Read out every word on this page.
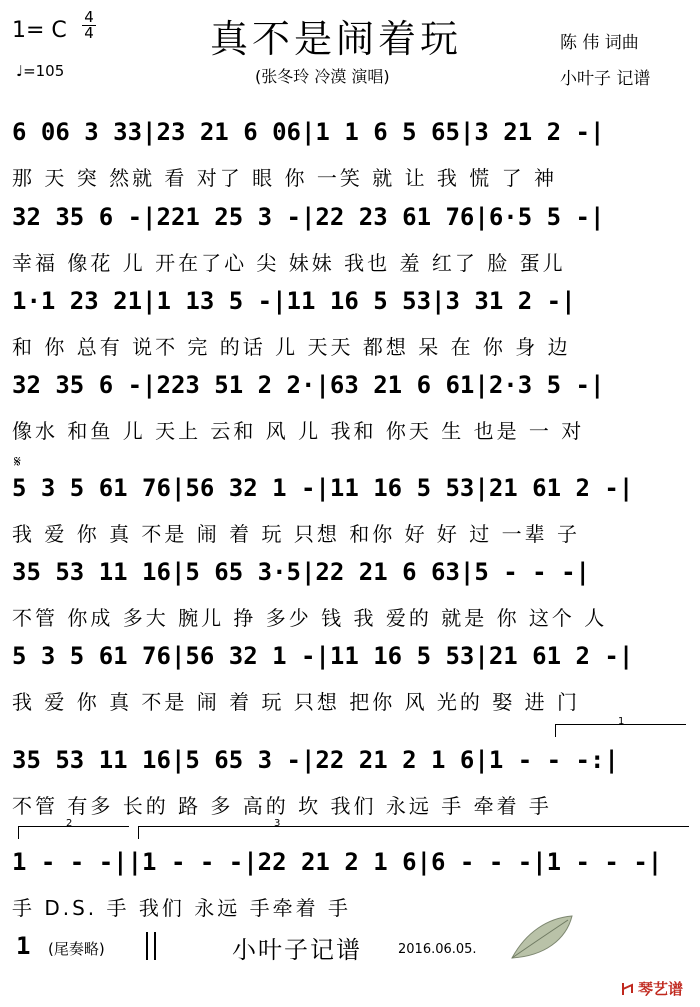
1= C
4
4
♩=105
真不是闹着玩
(张冬玲 冷漠 演唱)
陈 伟 词曲
小叶子 记谱
6 06 3 33|23 21 6 06|1 1 6 5 65|3 21 2 -|
那 天 突 然就 看 对了 眼 你 一笑 就 让 我 慌 了 神
32 35 6 -|221 25 3 -|22 23 61 76|6·5 5 -|
幸福 像花 儿 开在了心 尖 妹妹 我也 羞 红了 脸 蛋儿
1·1 23 21|1 13 5 -|11 16 5 53|3 31 2 -|
和 你 总有 说不 完 的话 儿 天天 都想 呆 在 你 身 边
32 35 6 -|223 51 2 2·|63 21 6 61|2·3 5 -|
像水 和鱼 儿 天上 云和 风 儿 我和 你天 生 也是 一 对
𝄋
5 3 5 61 76|56 32 1 -|11 16 5 53|21 61 2 -|
我 爱 你 真 不是 闹 着 玩 只想 和你 好 好 过 一辈 子
35 53 11 16|5 65 3·5|22 21 6 63|5 - - -|
不管 你成 多大 腕儿 挣 多少 钱 我 爱的 就是 你 这个 人
5 3 5 61 76|56 32 1 -|11 16 5 53|21 61 2 -|
我 爱 你 真 不是 闹 着 玩 只想 把你 风 光的 娶 进 门
1
35 53 11 16|5 65 3 -|22 21 2 1 6|1 - - -:|
不管 有多 长的 路 多 高的 坎 我们 永远 手 牵着 手
2	3
1 - - -||1 - - -|22 21 2 1 6|6 - - -|1 - - -|
手 D.S. 手 我们 永远 手牵着 手
1 (尾奏略)	小叶子记谱	2016.06.05.
琴艺谱
